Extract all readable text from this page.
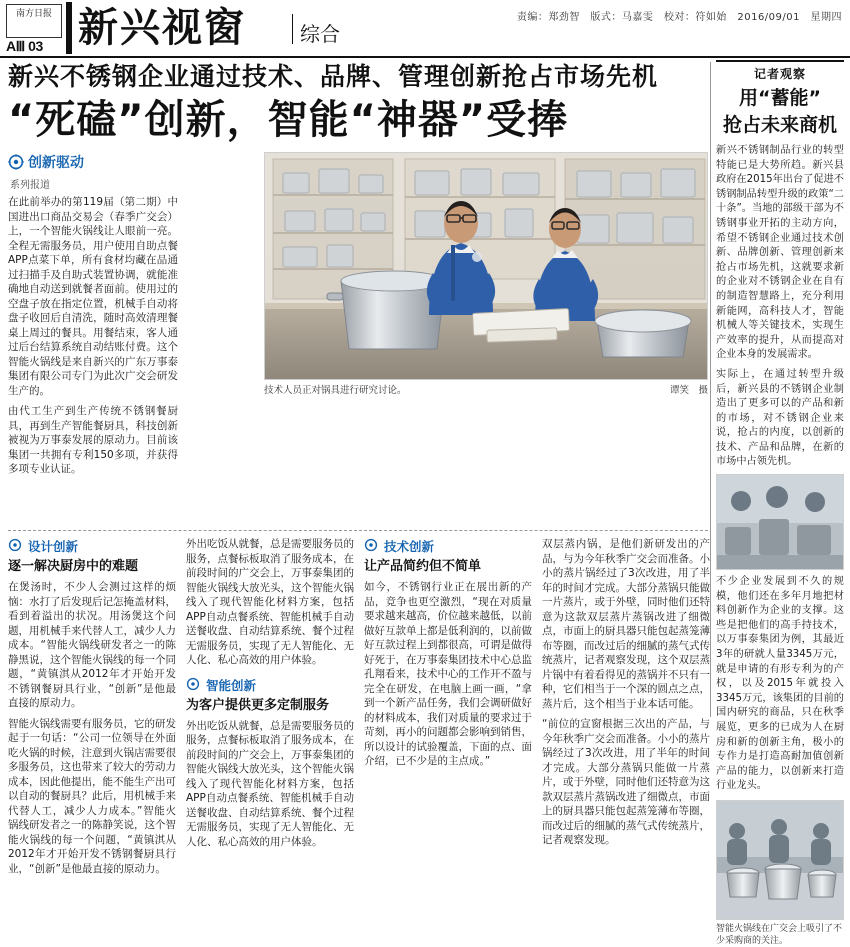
南方日报
AⅢ 03 新兴视窗	综合
责编：郑劲智　版式：马嘉雯　校对：符如始　2016/09/01　星期四
新兴不锈钢企业通过技术、品牌、管理创新抢占市场先机
“死磕”创新，智能“神器”受捧
创新驱动
系列报道
在此前举办的第119届（第二期）中国进出口商品交易会（春季广交会）上，一个智能火锅线让人眼前一亮。全程无需服务员，用户使用自助点餐APP点菜下单，所有食材均藏在品通过扫描手及自助式装置协调，就能准确地自动送到就餐者面前。使用过的空盘子放在指定位置，机械手自动将盘子收回后自清洗，随时高效清理餐桌上周过的餐具。用餐结束，客人通过后台结算系统自动结账付费。这个智能火锅线是来自新兴的广东万事泰集团有限公司专门为此次广交会研发生产的。	技术人员正对锅具进行研究讨论。	谭笑　摄
由代工生产到生产传统不锈钢餐厨具，再到生产智能餐厨具，科技创新被视为万事泰发展的原动力。目前该集团一共拥有专利150多项，并获得多项专业认证。
设计创新
逐一解决厨房中的难题
在煲汤时，不少人会测过这样的烦恼：水打了后发现后记怎掩盖材料，看到着溢出的状况。用汤煲这个问题，用机械手来代替人工，减少人力成本。“智能火锅线研发者之一的陈静黑说，这个智能火锅线的每一个同题，“黄镇淇从2012年才开始开发不锈钢餐厨具行业，“创新”是他最直接的原动力。
智能火锅线需要有服务员，它的研发起于一句话：“公司一位领导在外面吃火锅的时候，注意到火锅店需要很多服务员，这也带来了较大的劳动力成本，因此他提出，能不能生产出可以自动的餐厨具？此后，用机械手来代替人工，减少人力成本。”智能火锅线研发者之一的陈静笑说，这个智能火锅线的每一个问题，“黄镇淇从2012年才开始开发不锈钢餐厨具行业，“创新”是他最直接的原动力。
外出吃饭从就餐，总是需要服务员的服务，点餐标板取消了服务成本，在前段时间的广交会上，万事泰集团的智能火锅线大放光头，这个智能火锅线入了现代智能化材料方案，包括APP自动点餐系统、智能机械手自动送餐收盘、自动结算系统、餐个过程无需服务员，实现了无人智能化、无人化、私心高效的用户体验。
智能创新
为客户提供更多定制服务
外出吃饭从就餐，总是需要服务员的服务，点餐标板取消了服务成本，在前段时间的广交会上，万事泰集团的智能火锅线大放光头，这个智能火锅线入了现代智能化材料方案，包括APP自动点餐系统、智能机械手自动送餐收盘、自动结算系统、餐个过程无需服务员，实现了无人智能化、无人化、私心高效的用户体验。
技术创新
让产品简约但不简单
如今，不锈钢行业正在展出新的产品，竞争也更空激烈，“现在对质量要求越来越高，价位越来越低，以前做好互款单上都是低利润的，以前做好互款过程上到都很高，可谓是做得好死于，在万事泰集团技术中心总监孔翔看来，技术中心的工作开不盈与完全在研发，在电脑上画一画，“拿到一个新产品任务，我们会调研做好的材料成本，我们对质量的要求过于苛刻，再小的问题都会影响到销售，所以设计的试验覆盖，下面的点、面介绍，已不少是的主点成。”
双层蒸内锅，是他们新研发出的产品，与为今年秋季广交会而准备。小小的蒸片锅经过了3次改进，用了半年的时间才完成。大部分蒸锅只能做一片蒸片，或于外壁，同时他们还特意为这款双层蒸片蒸锅改进了细微点，市面上的厨具器只能包起蒸笼薄布等圈，而改过后的细腻的蒸气式传统蒸片，记者观察发现，这个双层蒸片锅中有着看得见的蒸锅并不只有一种，它们相当于一个深的圆点之点，蒸片后，这个相当于业本话可能。
“前位的宣窗根据三次出的产品，与今年秋季广交会而准备。小小的蒸片锅经过了3次改进，用了半年的时间才完成。大部分蒸锅只能做一片蒸片，或于外壁，同时他们还特意为这款双层蒸片蒸锅改进了细微点，市面上的厨具器只能包起蒸笼薄布等圈，而改过后的细腻的蒸气式传统蒸片，记者观察发现。
记者观察
用“蓄能”
抢占未来商机
新兴不锈钢制品行业的转型特能已是大势所趋。新兴县政府在2015年出台了促进不锈钢制品转型升级的政策“二十条”。当地的部级干部为不锈钢事业开拓的主动方向，希望不锈钢企业通过技术创新、品牌创新、管理创新来抢占市场先机，这就要求新的企业对不锈钢企业在自有的制造智慧路上，充分利用新能网，高科技人才，智能机械人等关键技术，实现生产效率的提升，从而提高对企业本身的发展需求。
实际上，在通过转型升级后，新兴县的不锈钢企业制造出了更多可以的产品和新的市场，对不锈钢企业来说，抢占的内度，以创新的技术、产品和品牌，在新的市场中占领先机。
不少企业发展到不久的规模，他们还在多年月地把材料创新作为企业的支撑。这些是把他们的高手持技术，以万事泰集团为例，其最近3年的研就人量3345万元，就是申请的有形专利为的产权，以及2015年就投入3345万元，该集团的目前的国内研究的商品，只在秋季展览，更多的已成为人在厨房和新的创新主角，极小的专作力是打造高耐加值创新产品的能力，以创新来打造行业龙头。
智能火锅线在广交会上吸引了不少采购商的关注。
